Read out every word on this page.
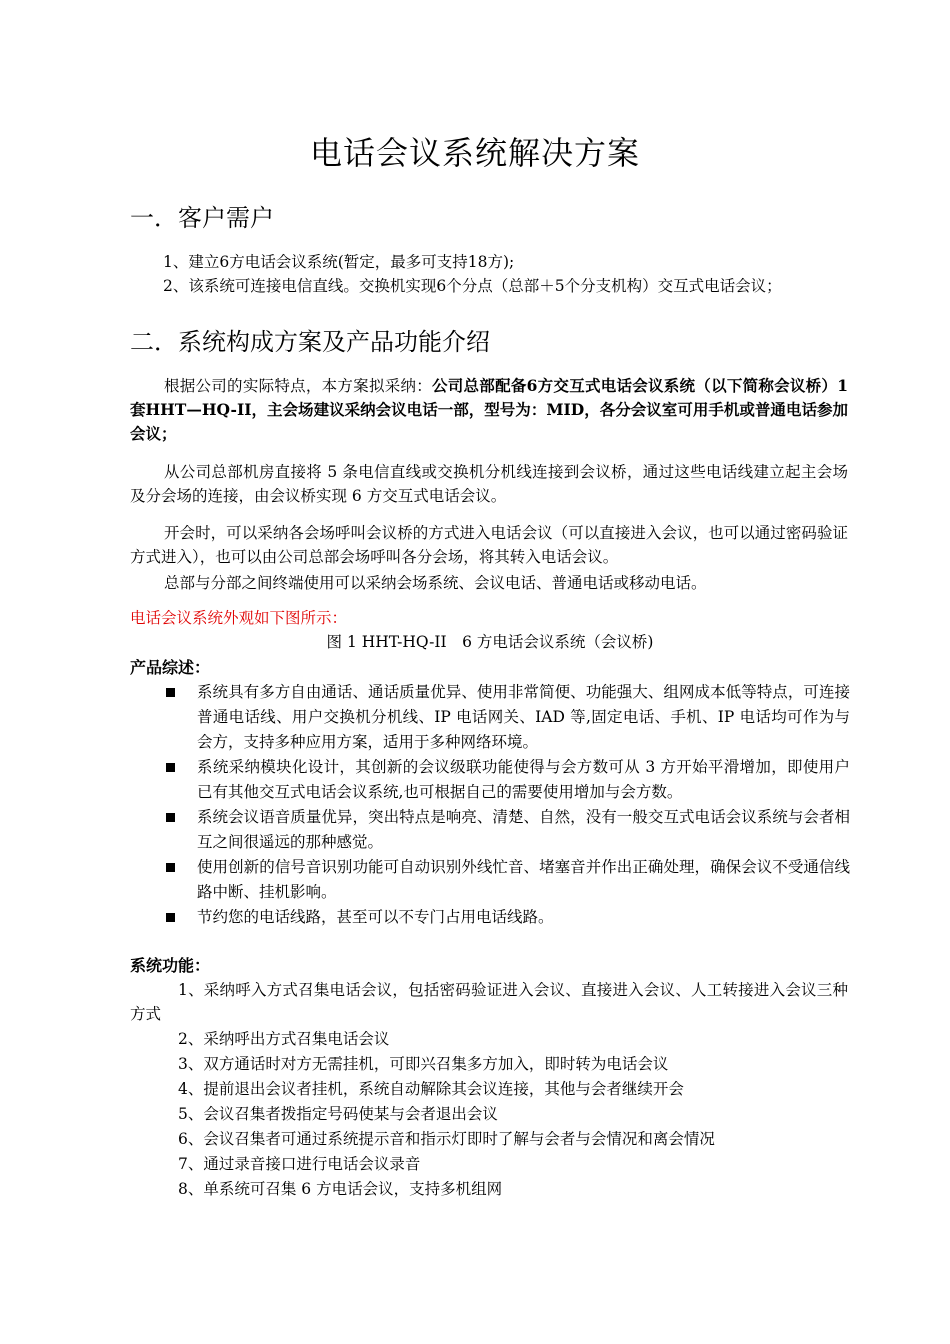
电话会议系统解决方案
一．客户需户
1、建立6方电话会议系统(暂定，最多可支持18方);
2、该系统可连接电信直线。交换机实现6个分点（总部＋5个分支机构）交互式电话会议；
二．系统构成方案及产品功能介绍
根据公司的实际特点，本方案拟采纳：公司总部配备6方交互式电话会议系统（以下简称会议桥）1套HHT—HQ-II，主会场建议采纳会议电话一部，型号为：MID，各分会议室可用手机或普通电话参加会议；
从公司总部机房直接将 5 条电信直线或交换机分机线连接到会议桥，通过这些电话线建立起主会场及分会场的连接，由会议桥实现 6 方交互式电话会议。
开会时，可以采纳各会场呼叫会议桥的方式进入电话会议（可以直接进入会议，也可以通过密码验证方式进入），也可以由公司总部会场呼叫各分会场，将其转入电话会议。
总部与分部之间终端使用可以采纳会场系统、会议电话、普通电话或移动电话。
电话会议系统外观如下图所示：
图 1 HHT-HQ-II　6 方电话会议系统（会议桥)
产品综述：
系统具有多方自由通话、通话质量优异、使用非常简便、功能强大、组网成本低等特点，可连接普通电话线、用户交换机分机线、IP 电话网关、IAD 等,固定电话、手机、IP 电话均可作为与会方，支持多种应用方案，适用于多种网络环境。
系统采纳模块化设计，其创新的会议级联功能使得与会方数可从 3 方开始平滑增加，即使用户已有其他交互式电话会议系统,也可根据自己的需要使用增加与会方数。
系统会议语音质量优异，突出特点是响亮、清楚、自然，没有一般交互式电话会议系统与会者相互之间很遥远的那种感觉。
使用创新的信号音识别功能可自动识别外线忙音、堵塞音并作出正确处理，确保会议不受通信线路中断、挂机影响。
节约您的电话线路，甚至可以不专门占用电话线路。
系统功能：
1、采纳呼入方式召集电话会议，包括密码验证进入会议、直接进入会议、人工转接进入会议三种方式
2、采纳呼出方式召集电话会议
3、双方通话时对方无需挂机，可即兴召集多方加入，即时转为电话会议
4、提前退出会议者挂机，系统自动解除其会议连接，其他与会者继续开会
5、会议召集者拨指定号码使某与会者退出会议
6、会议召集者可通过系统提示音和指示灯即时了解与会者与会情况和离会情况
7、通过录音接口进行电话会议录音
8、单系统可召集 6 方电话会议，支持多机组网
